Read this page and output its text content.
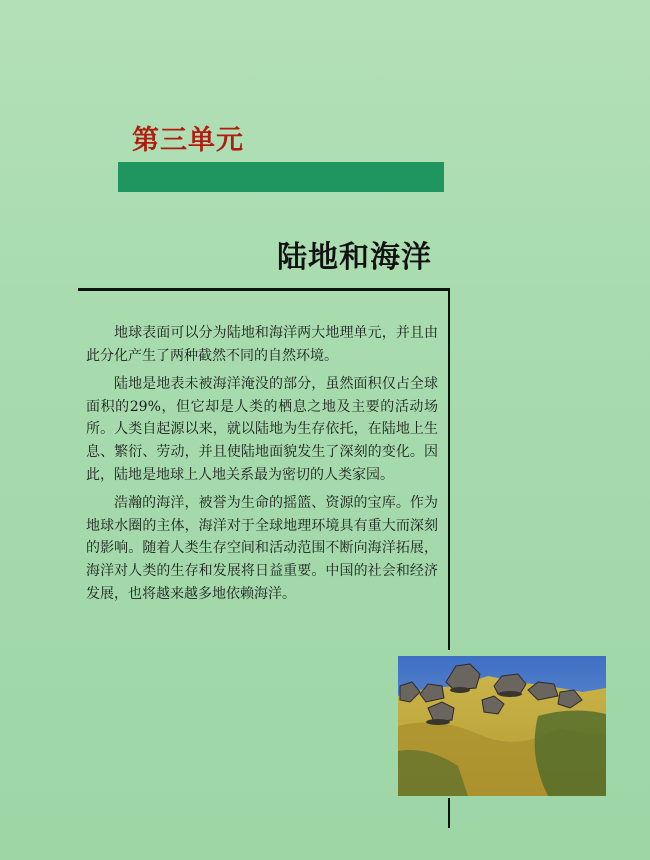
第三单元
陆地和海洋

地球表面可以分为陆地和海洋两大地理单元，并且由此分化产生了两种截然不同的自然环境。

陆地是地表未被海洋淹没的部分，虽然面积仅占全球面积的29%，但它却是人类的栖息之地及主要的活动场所。人类自起源以来，就以陆地为生存依托，在陆地上生息、繁衍、劳动，并且使陆地面貌发生了深刻的变化。因此，陆地是地球上人地关系最为密切的人类家园。

浩瀚的海洋，被誉为生命的摇篮、资源的宝库。作为地球水圈的主体，海洋对于全球地理环境具有重大而深刻的影响。随着人类生存空间和活动范围不断向海洋拓展，海洋对人类的生存和发展将日益重要。中国的社会和经济发展，也将越来越多地依赖海洋。
